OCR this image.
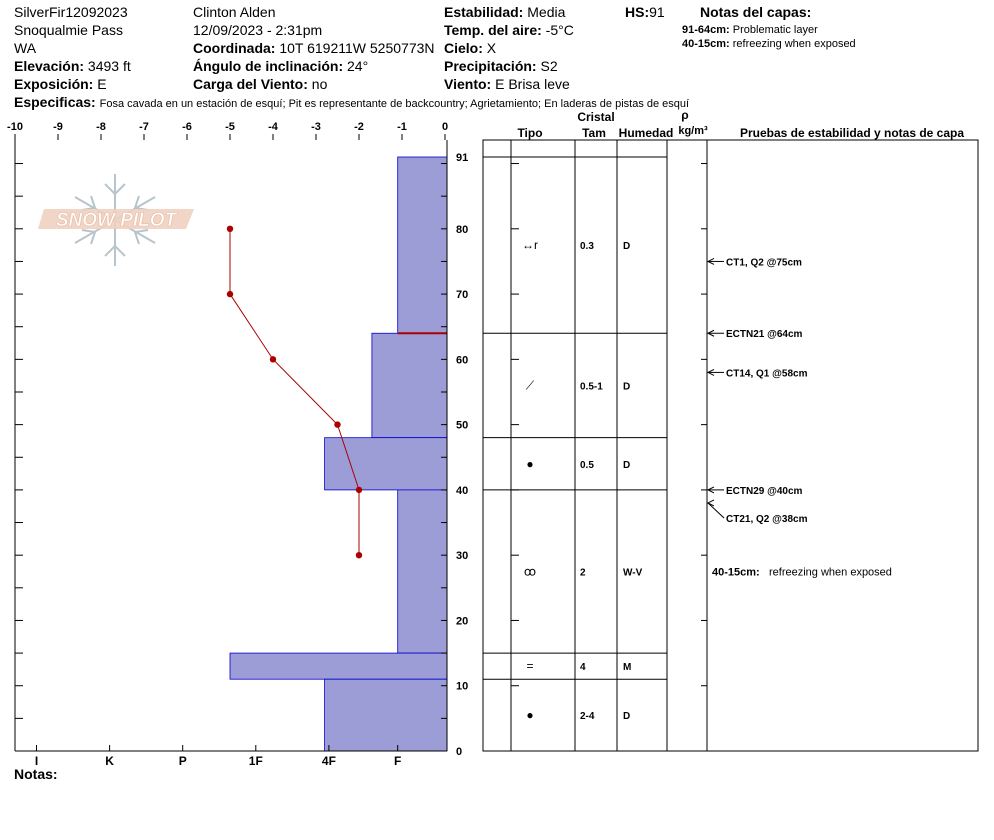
SilverFir12092023
Snoqualmie Pass
WA
Elevación: 3493 ft
Exposición: E
Clinton Alden
12/09/2023 - 2:31pm
Coordinada: 10T 619211W 5250773N
Ángulo de inclinación: 24°
Carga del Viento: no
Estabilidad: Media
Temp. del aire: -5°C
Cielo: X
Precipitación: S2
Viento: E Brisa leve
HS:91	Notas del capas:
91-64cm: Problematic layer
40-15cm: refreezing when exposed
Especificas: Fosa cavada en un estación de esquí; Pit es representante de backcountry; Agrietamiento; En laderas de pistas de esquí
Notas:
SNOW PILOT
-10	-9	-8	-7	-6	-5	-4	-3	-2	-1	0
0
10
20
30
40
50
60
70
80
91
I	K	P	1F	4F	F
Cristal
Tipo	Tam Humedad
ρ
kg/m³	Pruebas de estabilidad y notas de capa
↔r	0.3	D
⟋	0.5-1 D
●	0.5	D
ꝏ	2	W-V
=	4	M
●	2-4	D
CT1, Q2 @75cm
ECTN21 @64cm
CT14, Q1 @58cm
ECTN29 @40cm
CT21, Q2 @38cm
40-15cm: refreezing when exposed
